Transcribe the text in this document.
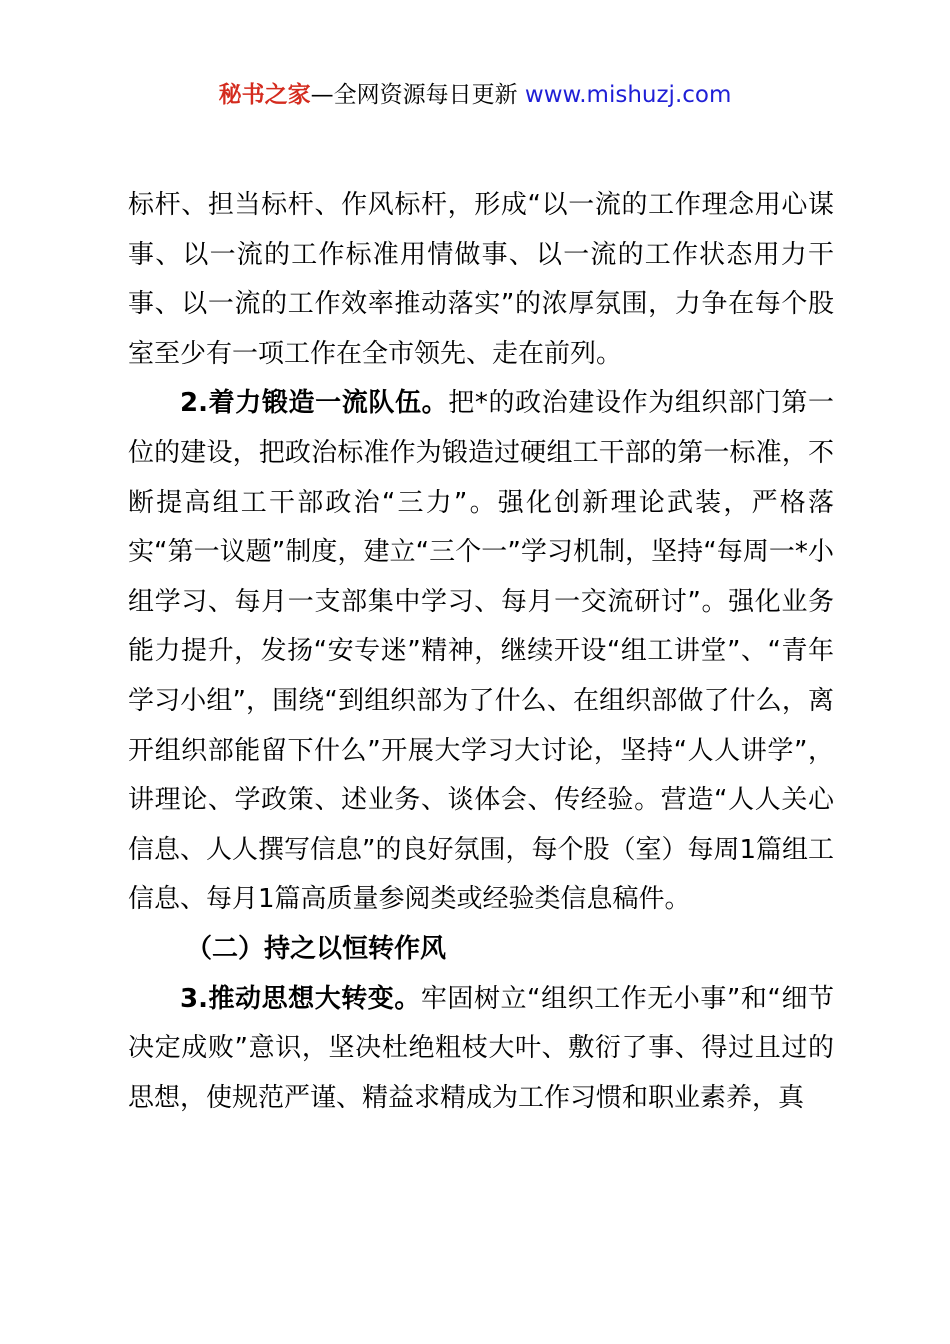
秘书之家—全网资源每日更新 www.mishuzj.com

标杆、担当标杆、作风标杆，形成“以一流的工作理念用心谋事、以一流的工作标准用情做事、以一流的工作状态用力干事、以一流的工作效率推动落实”的浓厚氛围，力争在每个股室至少有一项工作在全市领先、走在前列。

2.着力锻造一流队伍。把*的政治建设作为组织部门第一位的建设，把政治标准作为锻造过硬组工干部的第一标准，不断提高组工干部政治“三力”。强化创新理论武装，严格落实“第一议题”制度，建立“三个一”学习机制，坚持“每周一*小组学习、每月一支部集中学习、每月一交流研讨”。强化业务能力提升，发扬“安专迷”精神，继续开设“组工讲堂”、“青年学习小组”，围绕“到组织部为了什么、在组织部做了什么，离开组织部能留下什么”开展大学习大讨论，坚持“人人讲学”，讲理论、学政策、述业务、谈体会、传经验。营造“人人关心信息、人人撰写信息”的良好氛围，每个股（室）每周1篇组工信息、每月1篇高质量参阅类或经验类信息稿件。

（二）持之以恒转作风

3.推动思想大转变。牢固树立“组织工作无小事”和“细节决定成败”意识，坚决杜绝粗枝大叶、敷衍了事、得过且过的思想，使规范严谨、精益求精成为工作习惯和职业素养，真
